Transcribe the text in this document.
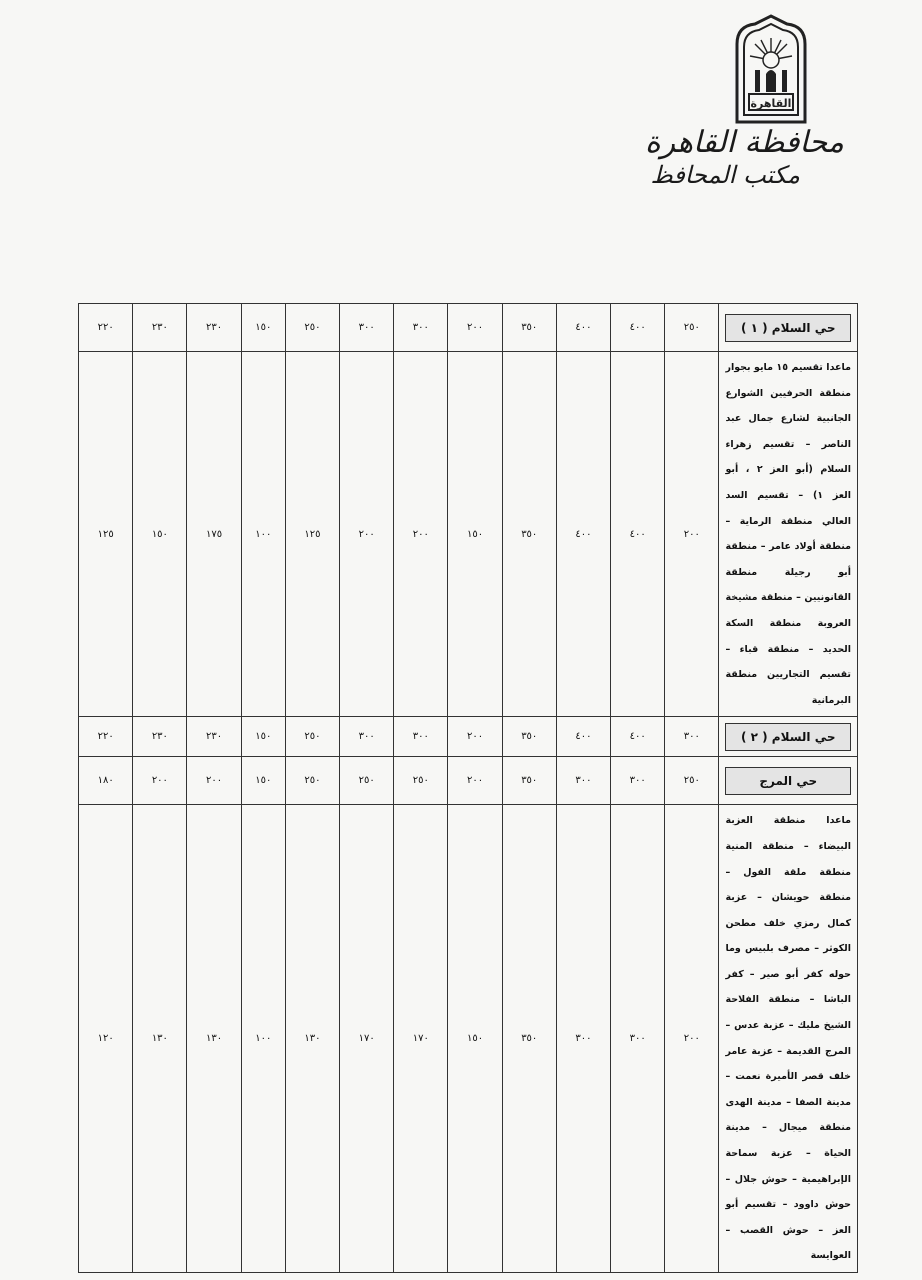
القاهرة
محافظة القاهرة
مكتب المحافظ
حي السلام ( ١ )	٢٥٠	٤٠٠	٤٠٠	٣٥٠	٢٠٠	٣٠٠	٣٠٠	٢٥٠	١٥٠	٢٣٠	٢٣٠	٢٢٠

ماعدا تقسيم ١٥ مايو بجوار منطقة الحرفيين الشوارع الجانبية لشارع جمال عبد الناصر – تقسيم زهراء السلام (أبو العز ٢ ، أبو العز ١) – تقسيم السد العالي منطقة الرماية – منطقة أولاد عامر – منطقة أبو رجيلة منطقة القانونيين – منطقة مشيخة العروبة منطقة السكة الحديد – منطقة قباء – تقسيم التجاريين منطقة البرمانية	٢٠٠	٤٠٠	٤٠٠	٣٥٠	١٥٠	٢٠٠	٢٠٠	١٢٥	١٠٠	١٧٥	١٥٠	١٢٥

حي السلام ( ٢ )	٣٠٠	٤٠٠	٤٠٠	٣٥٠	٢٠٠	٣٠٠	٣٠٠	٢٥٠	١٥٠	٢٣٠	٢٣٠	٢٢٠

حي المرج	٢٥٠	٣٠٠	٣٠٠	٣٥٠	٢٠٠	٢٥٠	٢٥٠	٢٥٠	١٥٠	٢٠٠	٢٠٠	١٨٠

ماعدا منطقة العزبة البيضاء – منطقة المنية منطقة ملقة الفول – منطقة حويشان – عزبة كمال رمزي خلف مطحن الكوثر – مصرف بلبيس وما حوله كفر أبو صير – كفر الباشا – منطقة الفلاحة الشيخ مليك – عزبة عدس – المرج القديمة – عزبة عامر خلف قصر الأميرة نعمت – مدينة الصفا – مدينة الهدى منطقة ميجال – مدينة الحياة – عزبة سماحة الإبراهيمية – حوش جلال – حوش داوود – تقسيم أبو العز – حوش القصب – العوايسة	٢٠٠	٣٠٠	٣٠٠	٣٥٠	١٥٠	١٧٠	١٧٠	١٣٠	١٠٠	١٣٠	١٣٠	١٢٠
